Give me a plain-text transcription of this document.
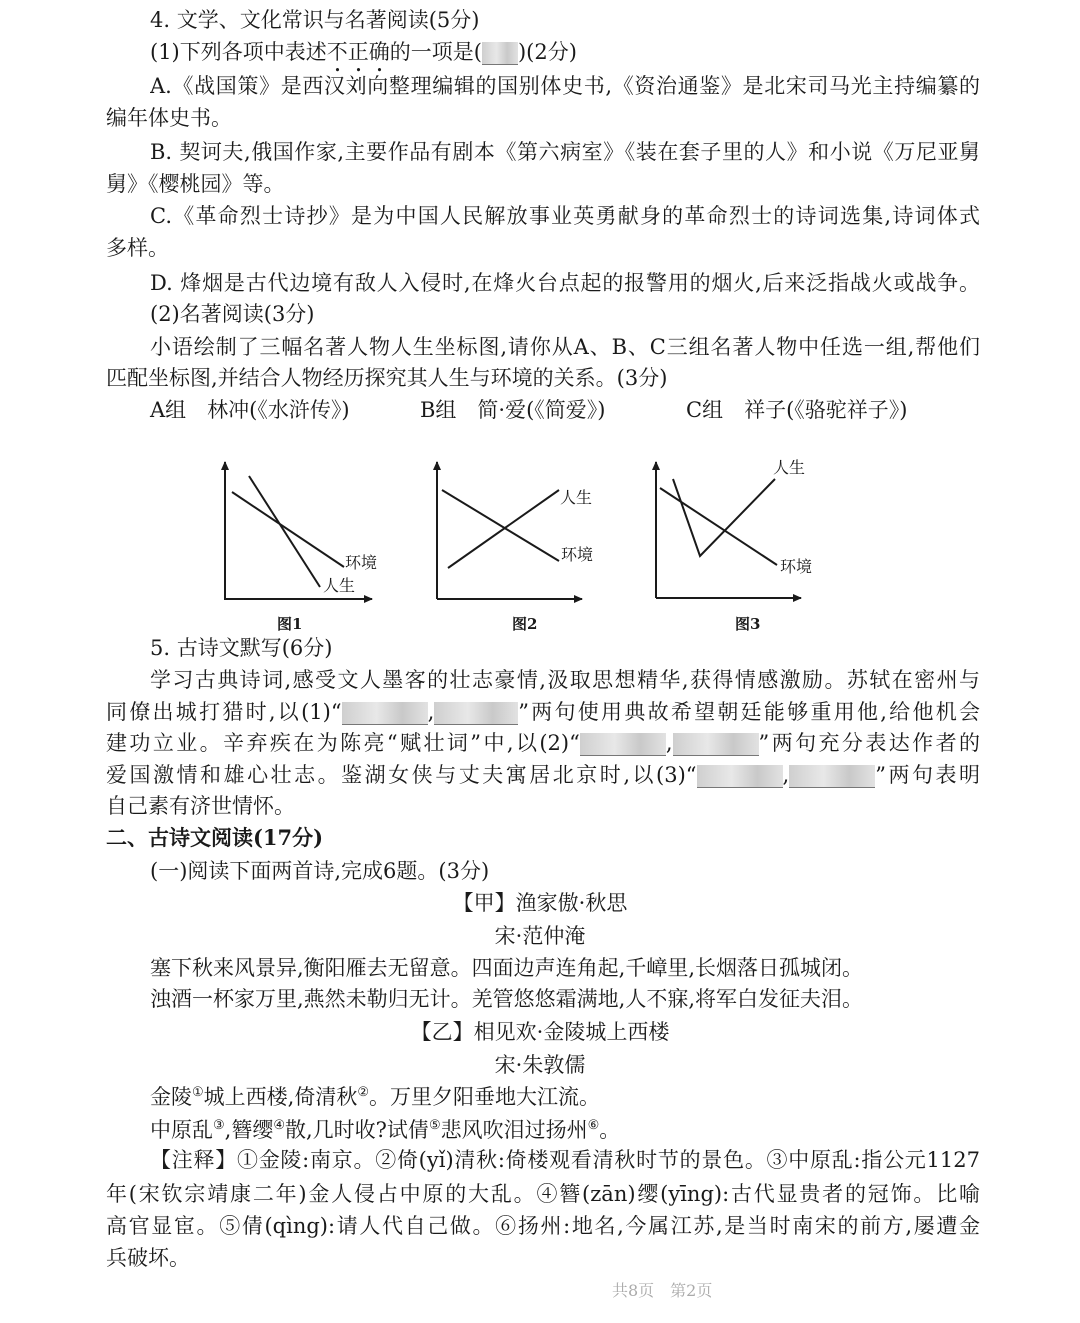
4. 文学、文化常识与名著阅读(5分)
(1)下列各项中表述不正确的一项是( )(2分)
A.《战国策》是西汉刘向整理编辑的国别体史书,《资治通鉴》是北宋司马光主持编纂的
编年体史书。
B. 契诃夫,俄国作家,主要作品有剧本《第六病室》《装在套子里的人》和小说《万尼亚舅
舅》《樱桃园》等。
C.《革命烈士诗抄》是为中国人民解放事业英勇献身的革命烈士的诗词选集,诗词体式
多样。
D. 烽烟是古代边境有敌人入侵时,在烽火台点起的报警用的烟火,后来泛指战火或战争。
(2)名著阅读(3分)
小语绘制了三幅名著人物人生坐标图,请你从A、B、C三组名著人物中任选一组,帮他们
匹配坐标图,并结合人物经历探究其人生与环境的关系。(3分)
A组　林冲(《水浒传》)	B组　简·爱(《简爱》)	C组　祥子(《骆驼祥子》)
环境
人生
图1
人生
环境
图2
人生
环境
图3
5. 古诗文默写(6分)
学习古典诗词,感受文人墨客的壮志豪情,汲取思想精华,获得情感激励。苏轼在密州与
同僚出城打猎时,以(1)“	,	”两句使用典故希望朝廷能够重用他,给他机会
建功立业。辛弃疾在为陈亮“赋壮词”中,以(2)“	,	”两句充分表达作者的
爱国激情和雄心壮志。鉴湖女侠与丈夫寓居北京时,以(3)“	,	”两句表明
自己素有济世情怀。
二、古诗文阅读(17分)
(一)阅读下面两首诗,完成6题。(3分)
【甲】渔家傲·秋思
宋·范仲淹
塞下秋来风景异,衡阳雁去无留意。四面边声连角起,千嶂里,长烟落日孤城闭。
浊酒一杯家万里,燕然未勒归无计。羌管悠悠霜满地,人不寐,将军白发征夫泪。
【乙】相见欢·金陵城上西楼
宋·朱敦儒
金陵①城上西楼,倚清秋②。万里夕阳垂地大江流。
中原乱③,簪缨④散,几时收?试倩⑤悲风吹泪过扬州⑥。
【注释】①金陵:南京。②倚(yǐ)清秋:倚楼观看清秋时节的景色。③中原乱:指公元1127
年(宋钦宗靖康二年)金人侵占中原的大乱。④簪(zān)缨(yīng):古代显贵者的冠饰。比喻
高官显宦。⑤倩(qìng):请人代自己做。⑥扬州:地名,今属江苏,是当时南宋的前方,屡遭金
兵破坏。
共8页　第2页
